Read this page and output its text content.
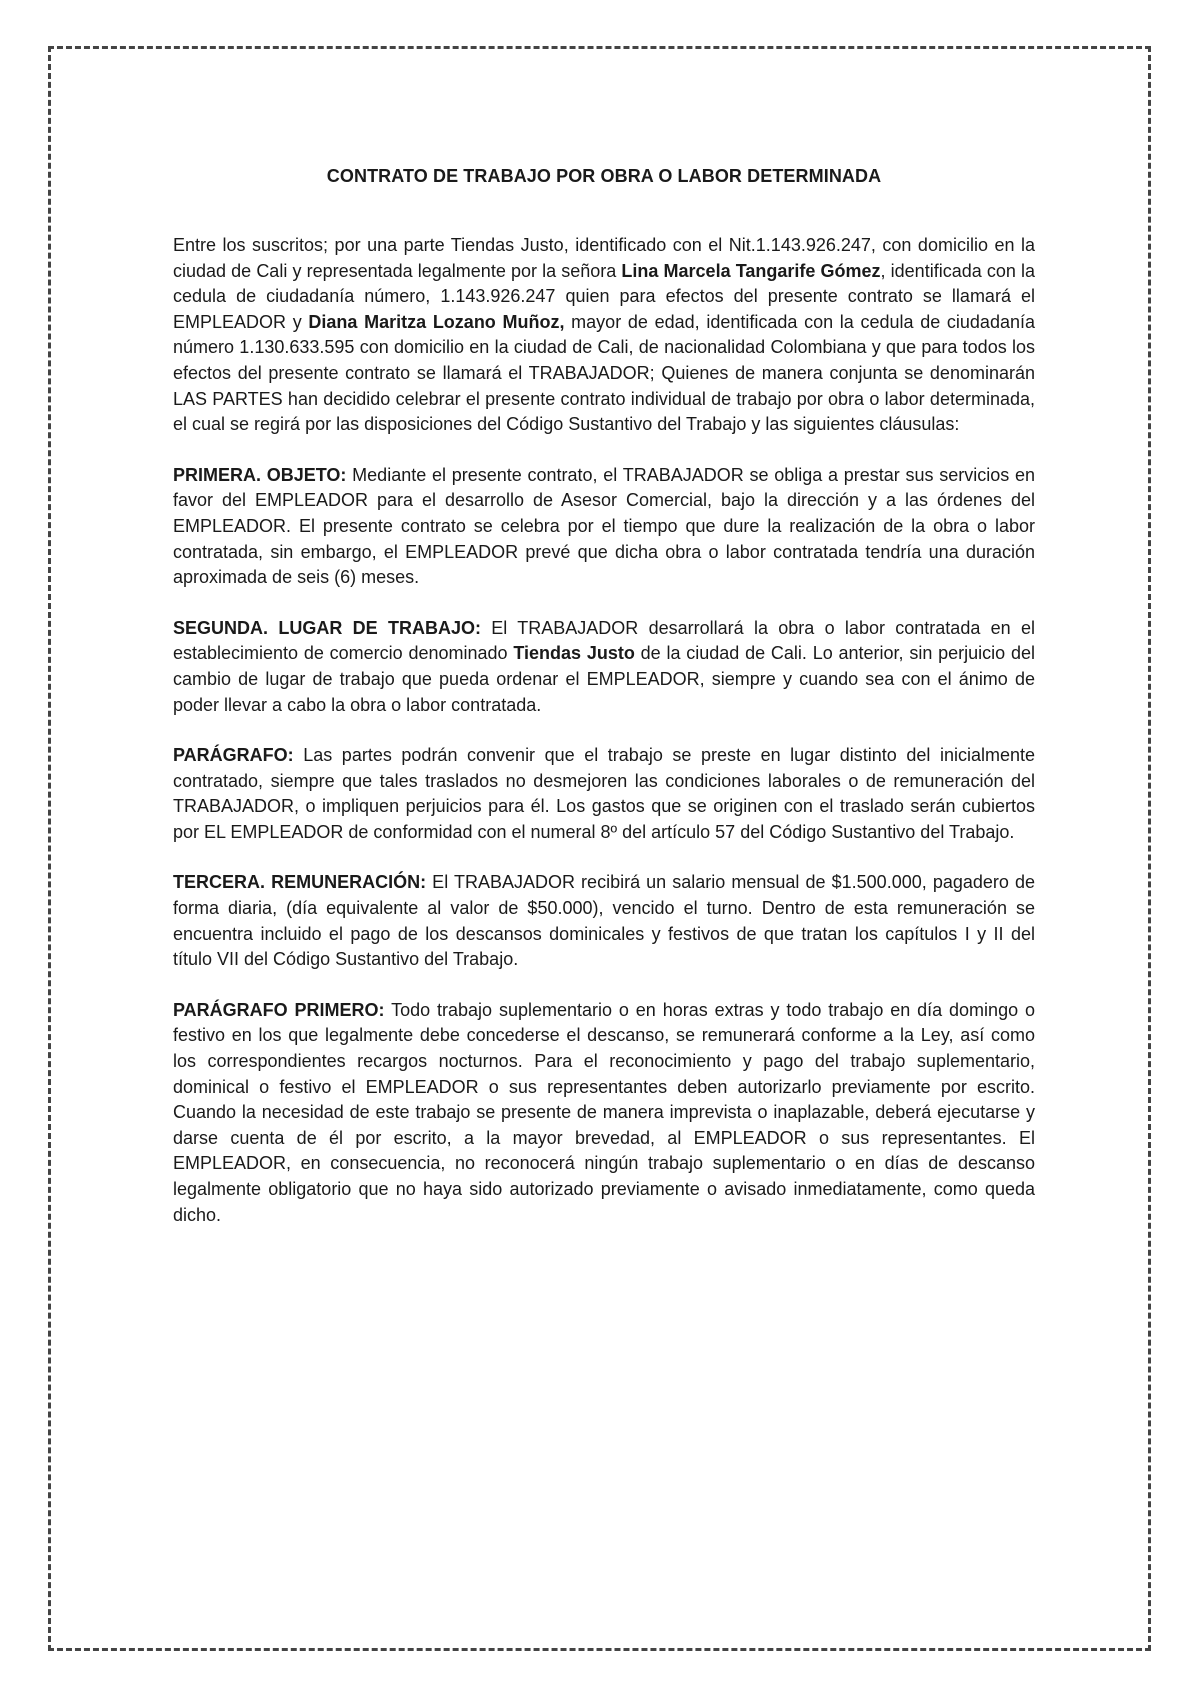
CONTRATO DE TRABAJO POR OBRA O LABOR DETERMINADA

Entre los suscritos; por una parte Tiendas Justo, identificado con el Nit.1.143.926.247, con domicilio en la ciudad de Cali y representada legalmente por la señora Lina Marcela Tangarife Gómez, identificada con la cedula de ciudadanía número, 1.143.926.247 quien para efectos del presente contrato se llamará el EMPLEADOR y Diana Maritza Lozano Muñoz, mayor de edad, identificada con la cedula de ciudadanía número 1.130.633.595 con domicilio en la ciudad de Cali, de nacionalidad Colombiana y que para todos los efectos del presente contrato se llamará el TRABAJADOR; Quienes de manera conjunta se denominarán LAS PARTES han decidido celebrar el presente contrato individual de trabajo por obra o labor determinada, el cual se regirá por las disposiciones del Código Sustantivo del Trabajo y las siguientes cláusulas:

PRIMERA. OBJETO: Mediante el presente contrato, el TRABAJADOR se obliga a prestar sus servicios en favor del EMPLEADOR para el desarrollo de Asesor Comercial, bajo la dirección y a las órdenes del EMPLEADOR. El presente contrato se celebra por el tiempo que dure la realización de la obra o labor contratada, sin embargo, el EMPLEADOR prevé que dicha obra o labor contratada tendría una duración aproximada de seis (6) meses.

SEGUNDA. LUGAR DE TRABAJO: El TRABAJADOR desarrollará la obra o labor contratada en el establecimiento de comercio denominado Tiendas Justo de la ciudad de Cali. Lo anterior, sin perjuicio del cambio de lugar de trabajo que pueda ordenar el EMPLEADOR, siempre y cuando sea con el ánimo de poder llevar a cabo la obra o labor contratada.

PARÁGRAFO: Las partes podrán convenir que el trabajo se preste en lugar distinto del inicialmente contratado, siempre que tales traslados no desmejoren las condiciones laborales o de remuneración del TRABAJADOR, o impliquen perjuicios para él. Los gastos que se originen con el traslado serán cubiertos por EL EMPLEADOR de conformidad con el numeral 8º del artículo 57 del Código Sustantivo del Trabajo.

TERCERA. REMUNERACIÓN: El TRABAJADOR recibirá un salario mensual de $1.500.000, pagadero de forma diaria, (día equivalente al valor de $50.000), vencido el turno. Dentro de esta remuneración se encuentra incluido el pago de los descansos dominicales y festivos de que tratan los capítulos I y II del título VII del Código Sustantivo del Trabajo.

PARÁGRAFO PRIMERO: Todo trabajo suplementario o en horas extras y todo trabajo en día domingo o festivo en los que legalmente debe concederse el descanso, se remunerará conforme a la Ley, así como los correspondientes recargos nocturnos. Para el reconocimiento y pago del trabajo suplementario, dominical o festivo el EMPLEADOR o sus representantes deben autorizarlo previamente por escrito. Cuando la necesidad de este trabajo se presente de manera imprevista o inaplazable, deberá ejecutarse y darse cuenta de él por escrito, a la mayor brevedad, al EMPLEADOR o sus representantes. El EMPLEADOR, en consecuencia, no reconocerá ningún trabajo suplementario o en días de descanso legalmente obligatorio que no haya sido autorizado previamente o avisado inmediatamente, como queda dicho.
